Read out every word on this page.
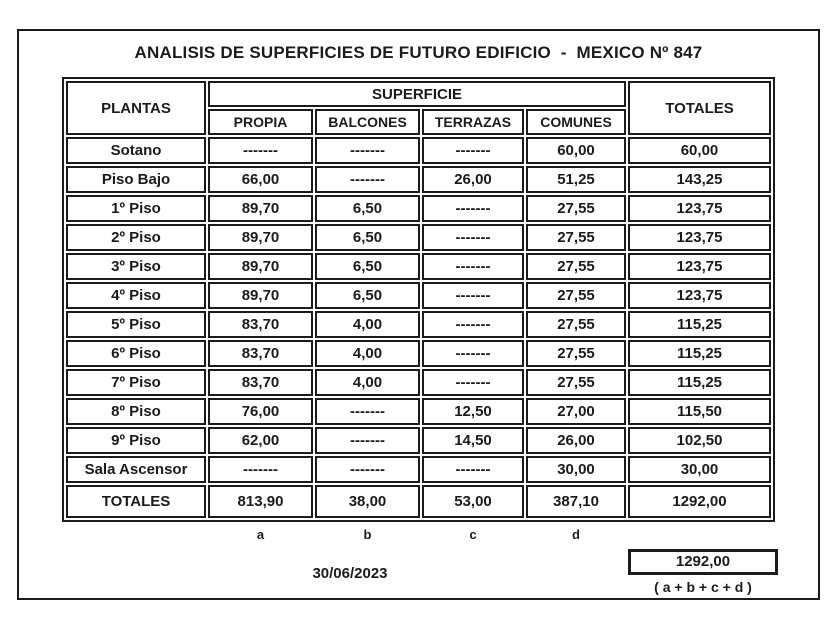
ANALISIS DE SUPERFICIES DE FUTURO EDIFICIO  -  MEXICO Nº 847
PLANTAS	SUPERFICIE				TOTALES
	PROPIA	BALCONES	TERRAZAS	COMUNES	
Sotano	-------	-------	-------	60,00	60,00
Piso Bajo	66,00	-------	26,00	51,25	143,25
1º Piso	89,70	6,50	-------	27,55	123,75
2º Piso	89,70	6,50	-------	27,55	123,75
3º Piso	89,70	6,50	-------	27,55	123,75
4º Piso	89,70	6,50	-------	27,55	123,75
5º Piso	83,70	4,00	-------	27,55	115,25
6º Piso	83,70	4,00	-------	27,55	115,25
7º Piso	83,70	4,00	-------	27,55	115,25
8º Piso	76,00	-------	12,50	27,00	115,50
9º Piso	62,00	-------	14,50	26,00	102,50
Sala Ascensor	-------	-------	-------	30,00	30,00
TOTALES	813,90	38,00	53,00	387,10	1292,00
a	b	c	d
30/06/2023
1292,00
( a + b + c + d )
